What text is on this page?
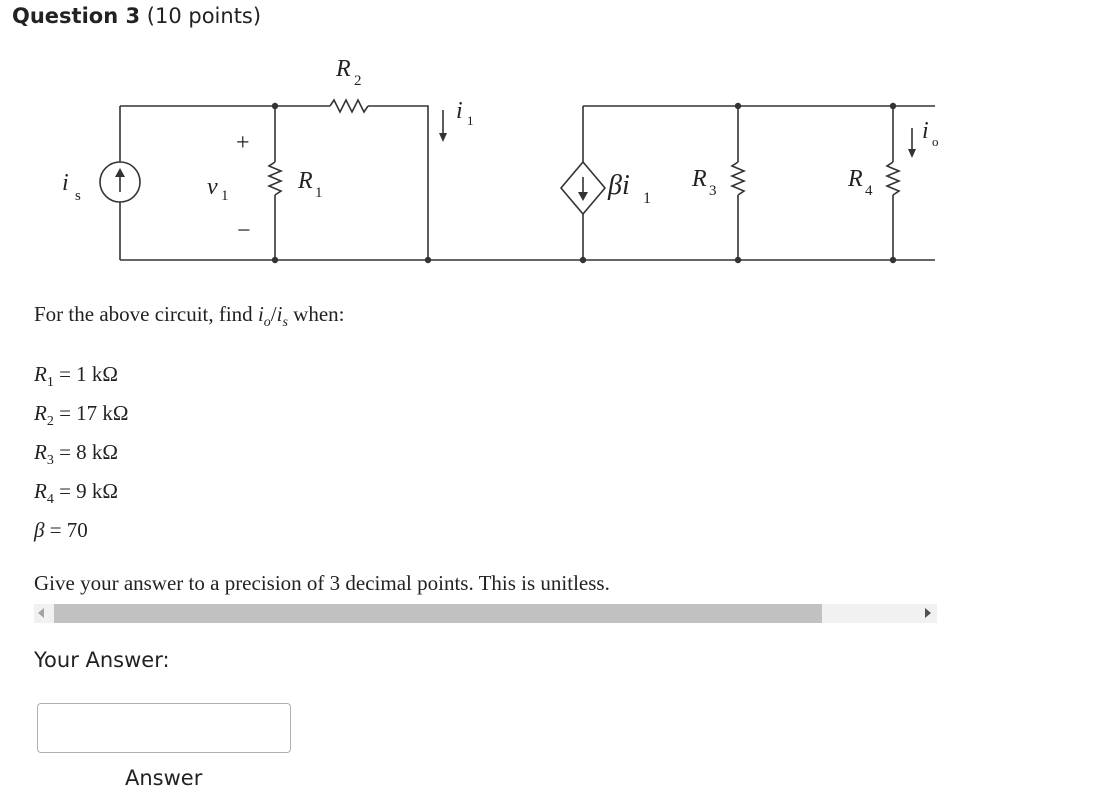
Question 3 (10 points)
i s	v 1
+
−
R 1
R 2
i 1
βi 1
R 3	R 4
i o
For the above circuit, find $i_o/i_s$ when:
$R_1 = 1$ kΩ
$R_2 = 17$ kΩ
$R_3 = 8$ kΩ
$R_4 = 9$ kΩ
β = 70
Give your answer to a precision of 3 decimal points. This is unitless.
Your Answer:
Answer
